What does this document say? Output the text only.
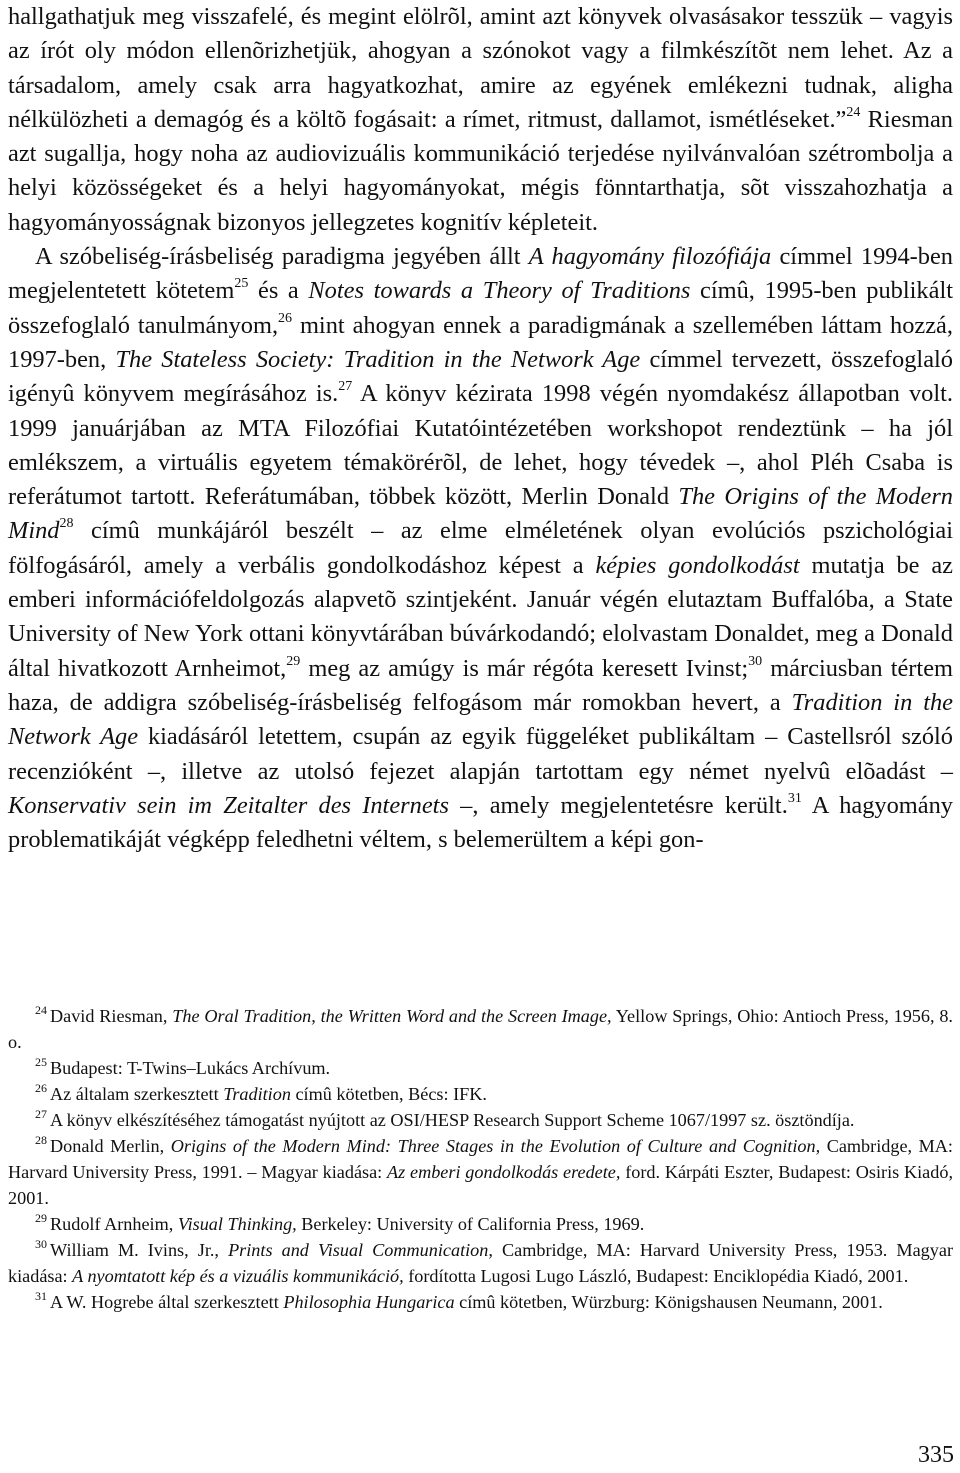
hallgathatjuk meg visszafelé, és megint elölrõl, amint azt könyvek olvasásakor tesszük – vagyis az írót oly módon ellenõrizhetjük, ahogyan a szónokot vagy a filmkészítõt nem lehet. Az a társadalom, amely csak arra hagyatkozhat, amire az egyének emlékezni tudnak, aligha nélkülözheti a demagóg és a költõ fogásait: a rímet, ritmust, dallamot, ismétléseket.”$^{24}$ Riesman azt sugallja, hogy noha az audiovizuális kommunikáció terjedése nyilvánvalóan szétrombolja a helyi közösségeket és a helyi hagyományokat, mégis fönntarthatja, sõt visszahozhatja a hagyományosságnak bizonyos jellegzetes kognitív képleteit.

A szóbeliség-írásbeliség paradigma jegyében állt A hagyomány filozófiája címmel 1994-ben megjelentetett kötetem$^{25}$ és a Notes towards a Theory of Traditions címû, 1995-ben publikált összefoglaló tanulmányom,$^{26}$ mint ahogyan ennek a paradigmának a szellemében láttam hozzá, 1997-ben, The Stateless Society: Tradition in the Network Age címmel tervezett, összefoglaló igényû könyvem megírásához is.$^{27}$ A könyv kézirata 1998 végén nyomdakész állapotban volt. 1999 januárjában az MTA Filozófiai Kutatóintézetében workshopot rendeztünk – ha jól emlékszem, a virtuális egyetem témakörérõl, de lehet, hogy tévedek –, ahol Pléh Csaba is referátumot tartott. Referátumában, többek között, Merlin Donald The Origins of the Modern Mind$^{28}$ címû munkájáról beszélt – az elme elméletének olyan evolúciós pszichológiai fölfogásáról, amely a verbális gondolkodáshoz képest a képies gondolkodást mutatja be az emberi információfeldolgozás alapvetõ szintjeként. Január végén elutaztam Buffalóba, a State University of New York ottani könyvtárában búvárkodandó; elolvastam Donaldet, meg a Donald által hivatkozott Arnheimot,$^{29}$ meg az amúgy is már régóta keresett Ivinst;$^{30}$ márciusban tértem haza, de addigra szóbeliség-írásbeliség felfogásom már romokban hevert, a Tradition in the Network Age kiadásáról letettem, csupán az egyik függeléket publikáltam – Castellsról szóló recenzióként –, illetve az utolsó fejezet alapján tartottam egy német nyelvû elõadást – Konservativ sein im Zeitalter des Internets –, amely megjelentetésre került.$^{31}$ A hagyomány problematikáját végképp feledhetni véltem, s belemerültem a képi gon-

$^{24}$ David Riesman, The Oral Tradition, the Written Word and the Screen Image, Yellow Springs, Ohio: Antioch Press, 1956, 8. o.

$^{25}$ Budapest: T-Twins–Lukács Archívum.

$^{26}$ Az általam szerkesztett Tradition címû kötetben, Bécs: IFK.

$^{27}$ A könyv elkészítéséhez támogatást nyújtott az OSI/HESP Research Support Scheme 1067/1997 sz. ösztöndíja.

$^{28}$ Donald Merlin, Origins of the Modern Mind: Three Stages in the Evolution of Culture and Cognition, Cambridge, MA: Harvard University Press, 1991. – Magyar kiadása: Az emberi gondolkodás eredete, ford. Kárpáti Eszter, Budapest: Osiris Kiadó, 2001.

$^{29}$ Rudolf Arnheim, Visual Thinking, Berkeley: University of California Press, 1969.

$^{30}$ William M. Ivins, Jr., Prints and Visual Communication, Cambridge, MA: Harvard University Press, 1953. Magyar kiadása: A nyomtatott kép és a vizuális kommunikáció, fordította Lugosi Lugo László, Budapest: Enciklopédia Kiadó, 2001.

$^{31}$ A W. Hogrebe által szerkesztett Philosophia Hungarica címû kötetben, Würzburg: Königshausen Neumann, 2001.

335
